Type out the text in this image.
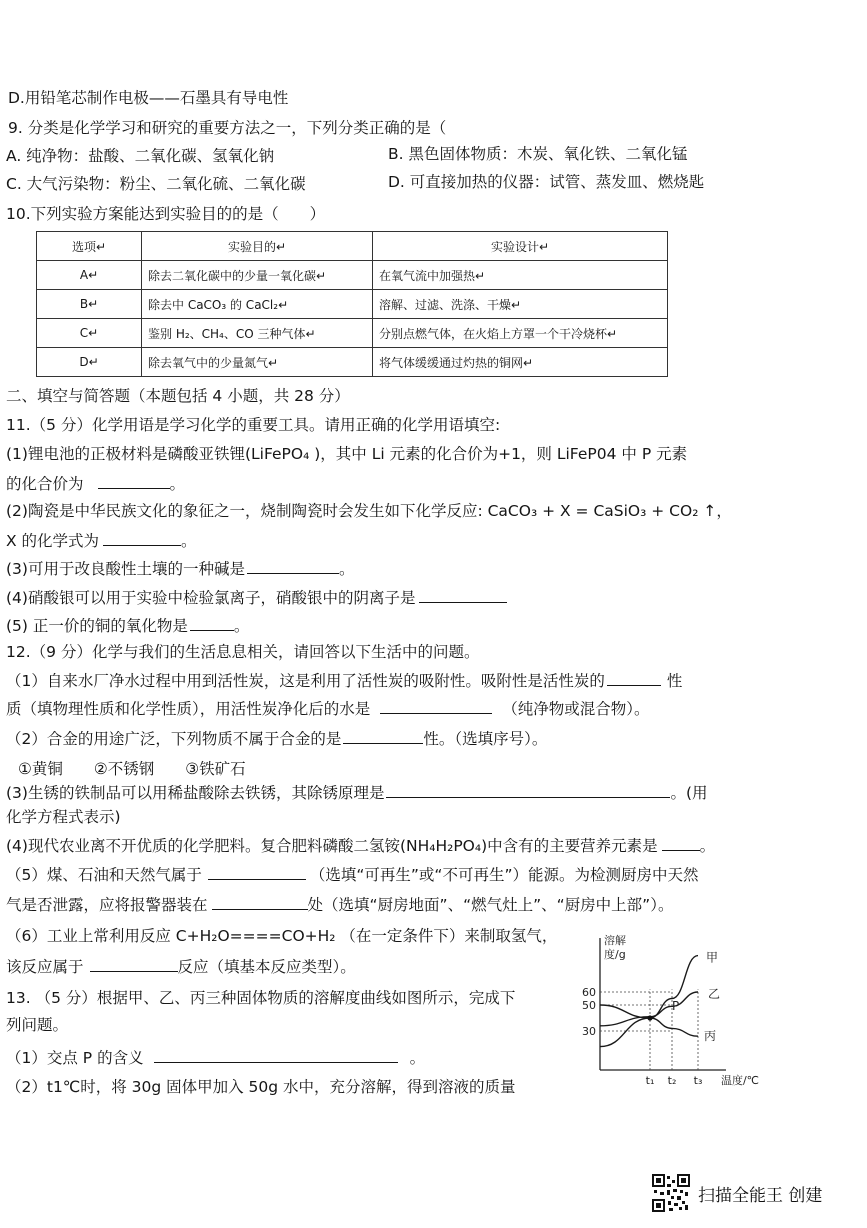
D.用铅笔芯制作电极——石墨具有导电性
9. 分类是化学学习和研究的重要方法之一，下列分类正确的是（
A. 纯净物：盐酸、二氧化碳、氢氧化钠	B. 黑色固体物质：木炭、氧化铁、二氧化锰
C. 大气污染物：粉尘、二氧化硫、二氧化碳	D. 可直接加热的仪器：试管、蒸发皿、燃烧匙
10.下列实验方案能达到实验目的的是（　　）
选项↵	实验目的↵	实验设计↵
A↵	除去二氧化碳中的少量一氧化碳↵	在氧气流中加强热↵
B↵	除去中 CaCO₃ 的 CaCl₂↵	溶解、过滤、洗涤、干燥↵
C↵	鉴别 H₂、CH₄、CO 三种气体↵	分别点燃气体，在火焰上方罩一个干冷烧杯↵
D↵	除去氧气中的少量氮气↵	将气体缓缓通过灼热的铜网↵
二、填空与简答题（本题包括 4 小题，共 28 分）
11.（5 分）化学用语是学习化学的重要工具。请用正确的化学用语填空:
(1)锂电池的正极材料是磷酸亚铁锂(LiFePO₄ )，其中 Li 元素的化合价为+1，则 LiFeP04 中 P 元素
的化合价为	。
(2)陶瓷是中华民族文化的象征之一，烧制陶瓷时会发生如下化学反应: CaCO₃ + X = CaSiO₃ + CO₂ ↑，
X 的化学式为	。
(3)可用于改良酸性土壤的一种碱是	。
(4)硝酸银可以用于实验中检验氯离子，硝酸银中的阴离子是
(5) 正一价的铜的氧化物是	。
12.（9 分）化学与我们的生活息息相关，请回答以下生活中的问题。
（1）自来水厂净水过程中用到活性炭，这是利用了活性炭的吸附性。吸附性是活性炭的	性
质（填物理性质和化学性质），用活性炭净化后的水是	（纯净物或混合物）。
（2）合金的用途广泛，下列物质不属于合金的是	性。（选填序号）。
①黄铜　　②不锈钢　　③铁矿石
(3)生锈的铁制品可以用稀盐酸除去铁锈，其除锈原理是	。(用
化学方程式表示)
(4)现代农业离不开优质的化学肥料。复合肥料磷酸二氢铵(NH₄H₂PO₄)中含有的主要营养元素是	。
（5）煤、石油和天然气属于	（选填“可再生”或“不可再生”）能源。为检测厨房中天然
气是否泄露，应将报警器装在	处（选填“厨房地面”、“燃气灶上”、“厨房中上部”）。
（6）工业上常利用反应 C+H₂O====CO+H₂ （在一定条件下）来制取氢气，
该反应属于	反应（填基本反应类型）。
13. （5 分）根据甲、乙、丙三种固体物质的溶解度曲线如图所示，完成下
列问题。
（1）交点 P 的含义	。
（2）t1℃时，将 30g 固体甲加入 50g 水中，充分溶解，得到溶液的质量
溶解
度/g
60
50
30
t₁ t₂ t₃ 温度/℃
甲
乙
丙
P
扫描全能王 创建
